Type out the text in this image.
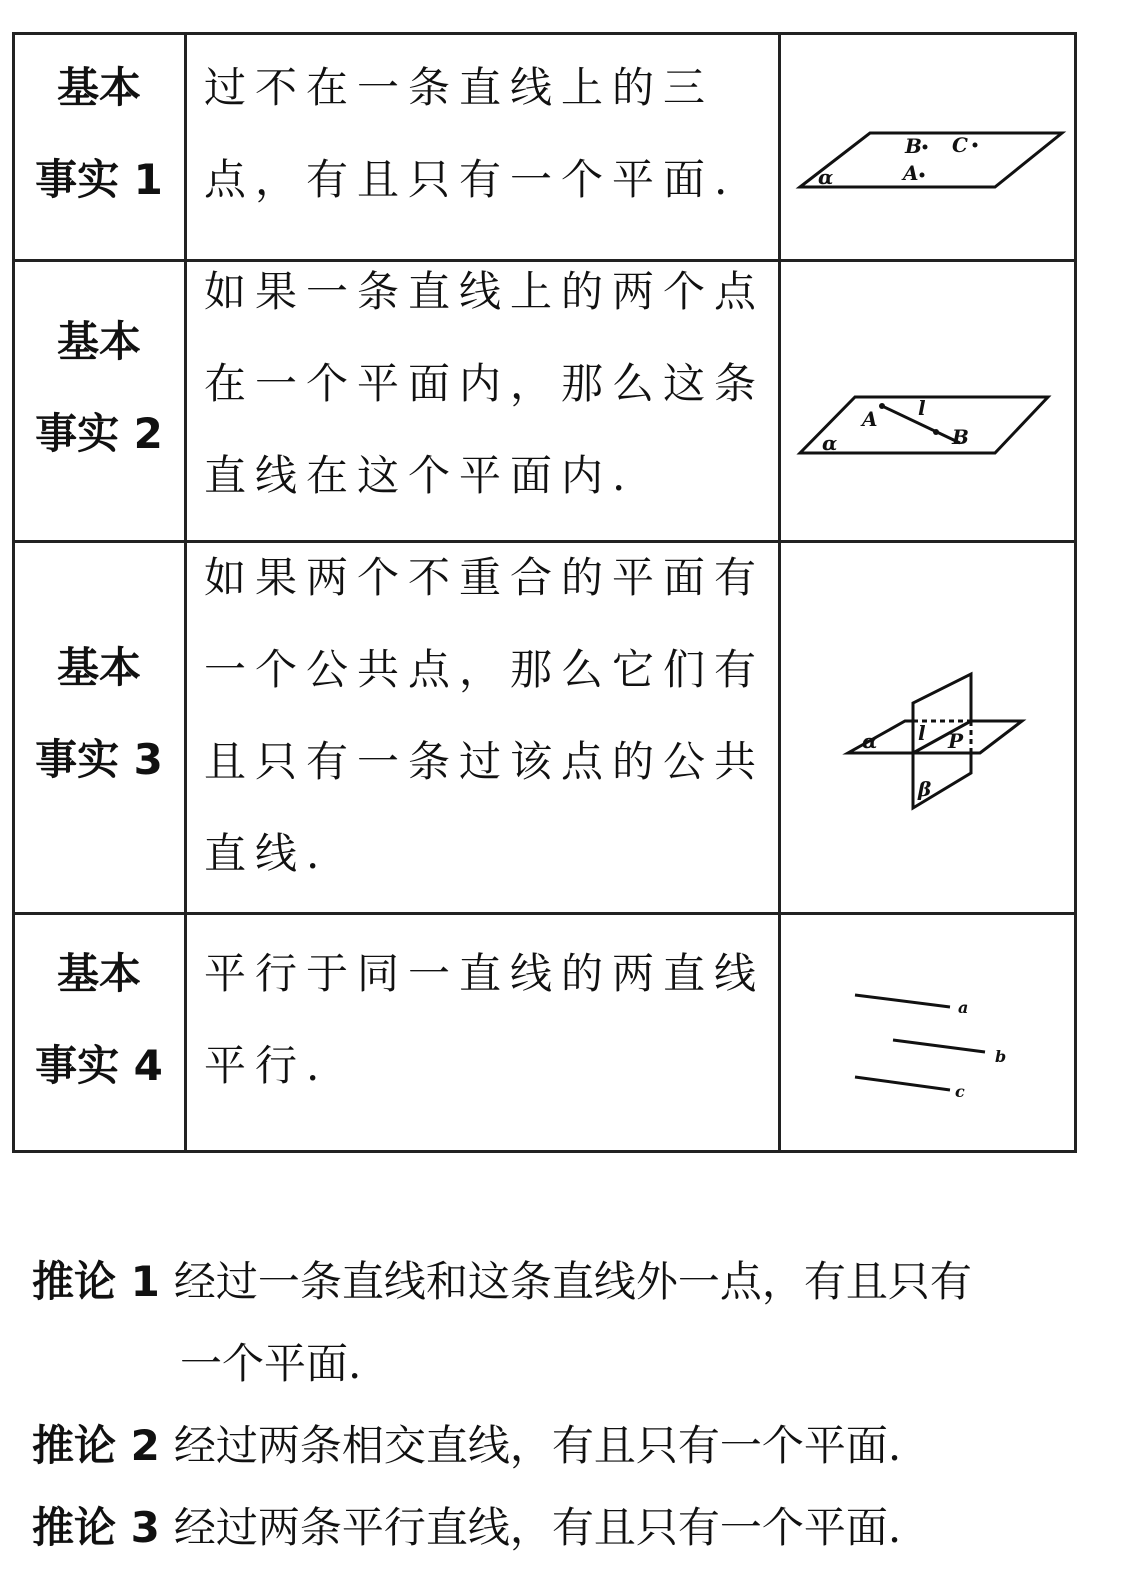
基本
事实 1
过不在一条直线上的三点，有且只有一个平面.
基本
事实 2
如果一条直线上的两个点在一个平面内，那么这条直线在这个平面内.
基本
事实 3
如果两个不重合的平面有一个公共点，那么它们有且只有一条过该点的公共直线.
基本
事实 4
平行于同一直线的两直线平行.
α	A
B C
α
A l
B
α l P
β
a
b
c
推论 1 经过一条直线和这条直线外一点，有且只有
一个平面.
推论 2 经过两条相交直线，有且只有一个平面.
推论 3 经过两条平行直线，有且只有一个平面.
